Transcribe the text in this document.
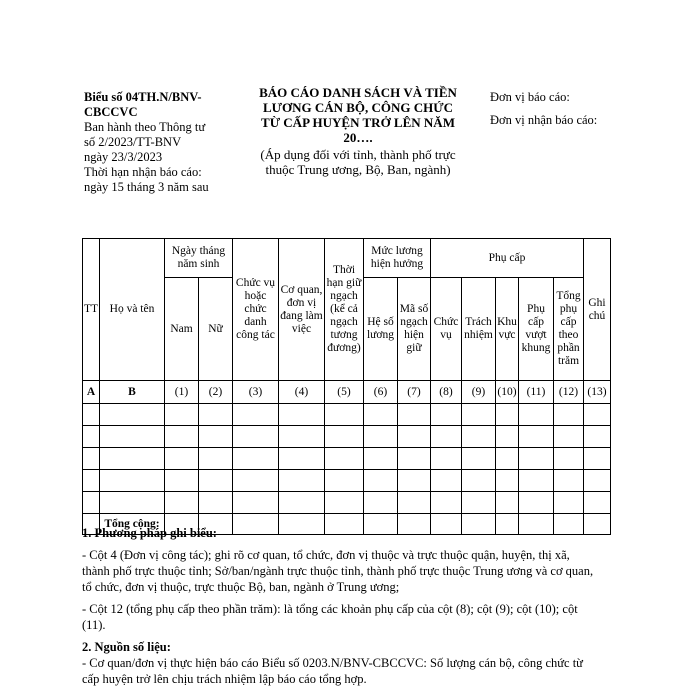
Biểu số 04TH.N/BNV-CBCCVC
Ban hành theo Thông tư
số 2/2023/TT-BNV
ngày 23/3/2023
Thời hạn nhận báo cáo:
ngày 15 tháng 3 năm sau
BÁO CÁO DANH SÁCH VÀ TIỀN LƯƠNG CÁN BỘ, CÔNG CHỨC TỪ CẤP HUYỆN TRỞ LÊN NĂM 20….
(Áp dụng đối với tỉnh, thành phố trực thuộc Trung ương, Bộ, Ban, ngành)
Đơn vị báo cáo:
Đơn vị nhận báo cáo:
TT	Họ và tên	Ngày tháng năm sinh		Chức vụ hoặc chức danh công tác	Cơ quan, đơn vị đang làm việc	Thời hạn giữ ngạch (kể cả ngạch tương đương)	Mức lương hiện hưởng		Phụ cấp					Ghi chú
		Nam	Nữ				Hệ số lương	Mã số ngạch hiện giữ	Chức vụ	Trách nhiệm	Khu vực	Phụ cấp vượt khung	Tổng phụ cấp theo phần trăm	
A	B	(1)	(2)	(3)	(4)	(5)	(6)	(7)	(8)	(9)	(10)	(11)	(12)	(13)

	Tổng cộng:													

1. Phương pháp ghi biểu:

- Cột 4 (Đơn vị công tác); ghi rõ cơ quan, tổ chức, đơn vị thuộc và trực thuộc quận, huyện, thị xã, thành phố trực thuộc tỉnh; Sở/ban/ngành trực thuộc tỉnh, thành phố trực thuộc Trung ương và cơ quan, tổ chức, đơn vị thuộc, trực thuộc Bộ, ban, ngành ở Trung ương;

- Cột 12 (tổng phụ cấp theo phần trăm): là tổng các khoản phụ cấp của cột (8); cột (9); cột (10); cột (11).

2. Nguồn số liệu:

- Cơ quan/đơn vị thực hiện báo cáo Biểu số 0203.N/BNV-CBCCVC: Số lượng cán bộ, công chức từ cấp huyện trở lên chịu trách nhiệm lập báo cáo tổng hợp.
